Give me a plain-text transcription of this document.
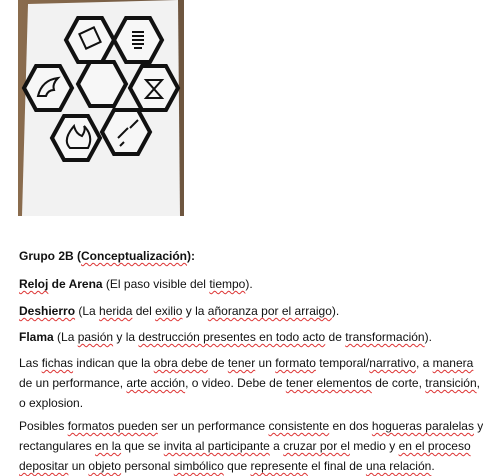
Grupo 2B (Conceptualización):
Reloj de Arena (El paso visible del tiempo).
Deshierro (La herida del exilio y la añoranza por el arraigo).
Flama (La pasión y la destrucción presentes en todo acto de transformación).
Las fichas indican que la obra debe de tener un formato temporal/narrativo, a manera
de un performance, arte acción, o video. Debe de tener elementos de corte, transición,
o explosion.
Posibles formatos pueden ser un performance consistente en dos hogueras paralelas y
rectangulares en la que se invita al participante a cruzar por el medio y en el proceso
depositar un objeto personal simbólico que represente el final de una relación.
